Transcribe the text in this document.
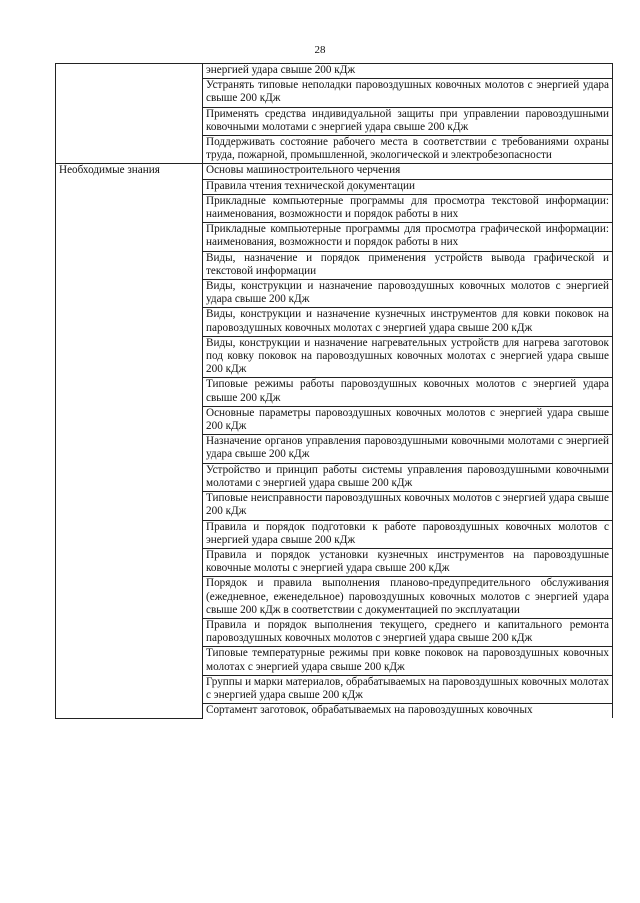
28

	энергией удара свыше 200 кДж

	Устранять типовые неполадки паровоздушных ковочных молотов с энергией удара свыше 200 кДж

	Применять средства индивидуальной защиты при управлении паровоздушными ковочными молотами с энергией удара свыше 200 кДж

	Поддерживать состояние рабочего места в соответствии с требованиями охраны труда, пожарной, промышленной, экологической и электробезопасности

Необходимые знания	Основы машиностроительного черчения

	Правила чтения технической документации

	Прикладные компьютерные программы для просмотра текстовой информации: наименования, возможности и порядок работы в них

	Прикладные компьютерные программы для просмотра графической информации: наименования, возможности и порядок работы в них

	Виды, назначение и порядок применения устройств вывода графической и текстовой информации

	Виды, конструкции и назначение паровоздушных ковочных молотов с энергией удара свыше 200 кДж

	Виды, конструкции и назначение кузнечных инструментов для ковки поковок на паровоздушных ковочных молотах с энергией удара свыше 200 кДж

	Виды, конструкции и назначение нагревательных устройств для нагрева заготовок под ковку поковок на паровоздушных ковочных молотах с энергией удара свыше 200 кДж

	Типовые режимы работы паровоздушных ковочных молотов с энергией удара свыше 200 кДж

	Основные параметры паровоздушных ковочных молотов с энергией удара свыше 200 кДж

	Назначение органов управления паровоздушными ковочными молотами с энергией удара свыше 200 кДж

	Устройство и принцип работы системы управления паровоздушными ковочными молотами с энергией удара свыше 200 кДж

	Типовые неисправности паровоздушных ковочных молотов с энергией удара свыше 200 кДж

	Правила и порядок подготовки к работе паровоздушных ковочных молотов с энергией удара свыше 200 кДж

	Правила и порядок установки кузнечных инструментов на паровоздушные ковочные молоты с энергией удара свыше 200 кДж

	Порядок и правила выполнения планово-предупредительного обслуживания (ежедневное, еженедельное) паровоздушных ковочных молотов с энергией удара свыше 200 кДж в соответствии с документацией по эксплуатации

	Правила и порядок выполнения текущего, среднего и капитального ремонта паровоздушных ковочных молотов с энергией удара свыше 200 кДж

	Типовые температурные режимы при ковке поковок на паровоздушных ковочных молотах с энергией удара свыше 200 кДж

	Группы и марки материалов, обрабатываемых на паровоздушных ковочных молотах с энергией удара свыше 200 кДж

	Сортамент заготовок, обрабатываемых на паровоздушных ковочных
